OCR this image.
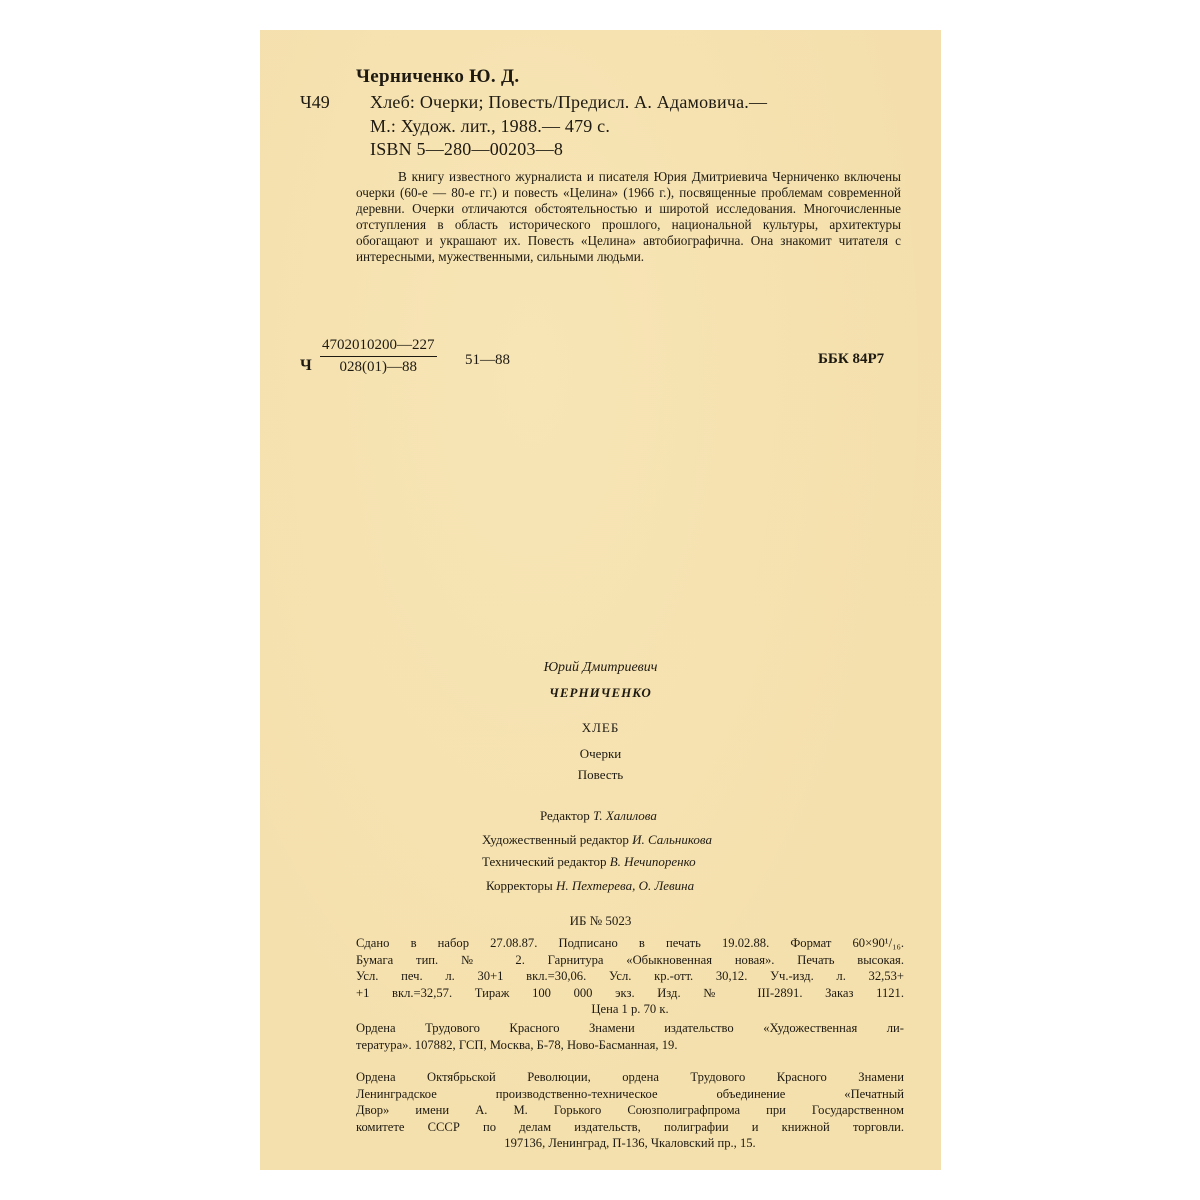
Черниченко Ю. Д.
Ч49 Хлеб: Очерки; Повесть/Предисл. А. Адамовича.—
М.: Худож. лит., 1988.— 479 с.
ISBN 5—280—00203—8

В книгу известного журналиста и писателя Юрия Дмитриевича Черниченко включены очерки (60-е — 80-е гг.) и повесть «Целина» (1966 г.), посвященные проблемам современной деревни. Очерки отличаются обстоятельностью и широтой исследования. Многочисленные отступления в область исторического прошлого, национальной культуры, архитектуры обогащают и украшают их. Повесть «Целина» автобиографична. Она знакомит читателя с интересными, мужественными, сильными людьми.

Ч $\frac{4702010200—227}{028(01)—88}$ 51—88	ББК 84Р7
Юрий Дмитриевич
ЧЕРНИЧЕНКО
ХЛЕБ
Очерки
Повесть
Редактор Т. Халилова
Художественный редактор И. Сальникова
Технический редактор В. Нечипоренко
Корректоры Н. Пехтерева, О. Левина
ИБ № 5023
Сдано в набор 27.08.87. Подписано в печать 19.02.88. Формат 60×90¹/₁₆.
Бумага тип. № 2. Гарнитура «Обыкновенная новая». Печать высокая.
Усл. печ. л. 30+1 вкл.=30,06. Усл. кр.-отт. 30,12. Уч.-изд. л. 32,53+
+1 вкл.=32,57. Тираж 100 000 экз. Изд. № III-2891. Заказ 1121.
Цена 1 р. 70 к.
Ордена Трудового Красного Знамени издательство «Художественная ли-
тература». 107882, ГСП, Москва, Б-78, Ново-Басманная, 19.
Ордена Октябрьской Революции, ордена Трудового Красного Знамени
Ленинградское производственно-техническое объединение «Печатный
Двор» имени А. М. Горького Союзполиграфпрома при Государственном
комитете СССР по делам издательств, полиграфии и книжной торговли.
197136, Ленинград, П-136, Чкаловский пр., 15.
